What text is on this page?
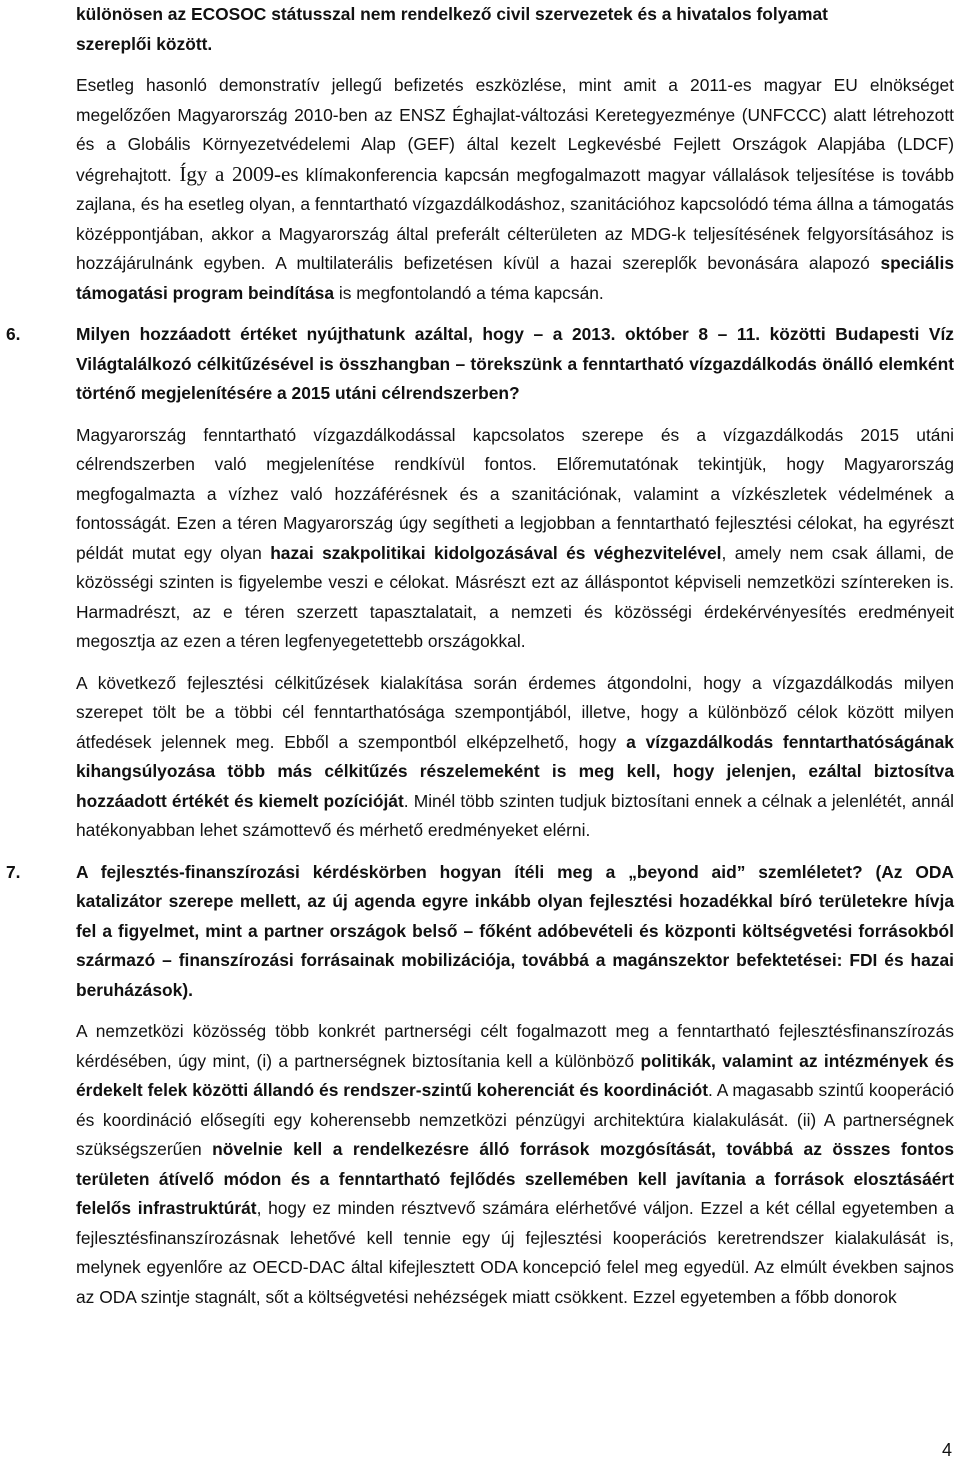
különösen az ECOSOC státusszal nem rendelkező civil szervezetek és a hivatalos folyamat
szereplői között.

Esetleg hasonló demonstratív jellegű befizetés eszközlése, mint amit a 2011-es magyar EU elnökséget megelőzően Magyarország 2010-ben az ENSZ Éghajlat-változási Keretegyezménye (UNFCCC) alatt létrehozott és a Globális Környezetvédelemi Alap (GEF) által kezelt Legkevésbé Fejlett Országok Alapjába (LDCF) végrehajtott. Így a 2009-es klímakonferencia kapcsán megfogalmazott magyar vállalások teljesítése is tovább zajlana, és ha esetleg olyan, a fenntartható vízgazdálkodáshoz, szanitációhoz kapcsolódó téma állna a támogatás középpontjában, akkor a Magyarország által preferált célterületen az MDG-k teljesítésének felgyorsításához is hozzájárulnánk egyben. A multilaterális befizetésen kívül a hazai szereplők bevonására alapozó speciális támogatási program beindítása is megfontolandó a téma kapcsán.

6.	Milyen hozzáadott értéket nyújthatunk azáltal, hogy – a 2013. október 8 – 11. közötti Budapesti Víz Világtalálkozó célkitűzésével is összhangban – törekszünk a fenntartható vízgazdálkodás önálló elemként történő megjelenítésére a 2015 utáni célrendszerben?

Magyarország fenntartható vízgazdálkodással kapcsolatos szerepe és a vízgazdálkodás 2015 utáni célrendszerben való megjelenítése rendkívül fontos. Előremutatónak tekintjük, hogy Magyarország megfogalmazta a vízhez való hozzáférésnek és a szanitációnak, valamint a vízkészletek védelmének a fontosságát. Ezen a téren Magyarország úgy segítheti a legjobban a fenntartható fejlesztési célokat, ha egyrészt példát mutat egy olyan hazai szakpolitikai kidolgozásával és véghezvitelével, amely nem csak állami, de közösségi szinten is figyelembe veszi e célokat. Másrészt ezt az álláspontot képviseli nemzetközi színtereken is. Harmadrészt, az e téren szerzett tapasztalatait, a nemzeti és közösségi érdekérvényesítés eredményeit megosztja az ezen a téren legfenyegetettebb országokkal.

A következő fejlesztési célkitűzések kialakítása során érdemes átgondolni, hogy a vízgazdálkodás milyen szerepet tölt be a többi cél fenntarthatósága szempontjából, illetve, hogy a különböző célok között milyen átfedések jelennek meg. Ebből a szempontból elképzelhető, hogy a vízgazdálkodás fenntarthatóságának kihangsúlyozása több más célkitűzés részelemeként is meg kell, hogy jelenjen, ezáltal biztosítva hozzáadott értékét és kiemelt pozícióját. Minél több szinten tudjuk biztosítani ennek a célnak a jelenlétét, annál hatékonyabban lehet számottevő és mérhető eredményeket elérni.

7.	A fejlesztés-finanszírozási kérdéskörben hogyan ítéli meg a „beyond aid” szemléletet? (Az ODA katalizátor szerepe mellett, az új agenda egyre inkább olyan fejlesztési hozadékkal bíró területekre hívja fel a figyelmet, mint a partner országok belső – főként adóbevételi és központi költségvetési forrásokból származó – finanszírozási forrásainak mobilizációja, továbbá a magánszektor befektetései: FDI és hazai beruházások).

A nemzetközi közösség több konkrét partnerségi célt fogalmazott meg a fenntartható fejlesztésfinanszírozás kérdésében, úgy mint, (i) a partnerségnek biztosítania kell a különböző politikák, valamint az intézmények és érdekelt felek közötti állandó és rendszer-szintű koherenciát és koordinációt. A magasabb szintű kooperáció és koordináció elősegíti egy koherensebb nemzetközi pénzügyi architektúra kialakulását. (ii) A partnerségnek szükségszerűen növelnie kell a rendelkezésre álló források mozgósítását, továbbá az összes fontos területen átívelő módon és a fenntartható fejlődés szellemében kell javítania a források elosztásáért felelős infrastruktúrát, hogy ez minden résztvevő számára elérhetővé váljon. Ezzel a két céllal egyetemben a fejlesztésfinanszírozásnak lehetővé kell tennie egy új fejlesztési kooperációs keretrendszer kialakulását is, melynek egyenlőre az OECD-DAC által kifejlesztett ODA koncepció felel meg egyedül. Az elmúlt években sajnos az ODA szintje stagnált, sőt a költségvetési nehézségek miatt csökkent. Ezzel egyetemben a főbb donorok

4
